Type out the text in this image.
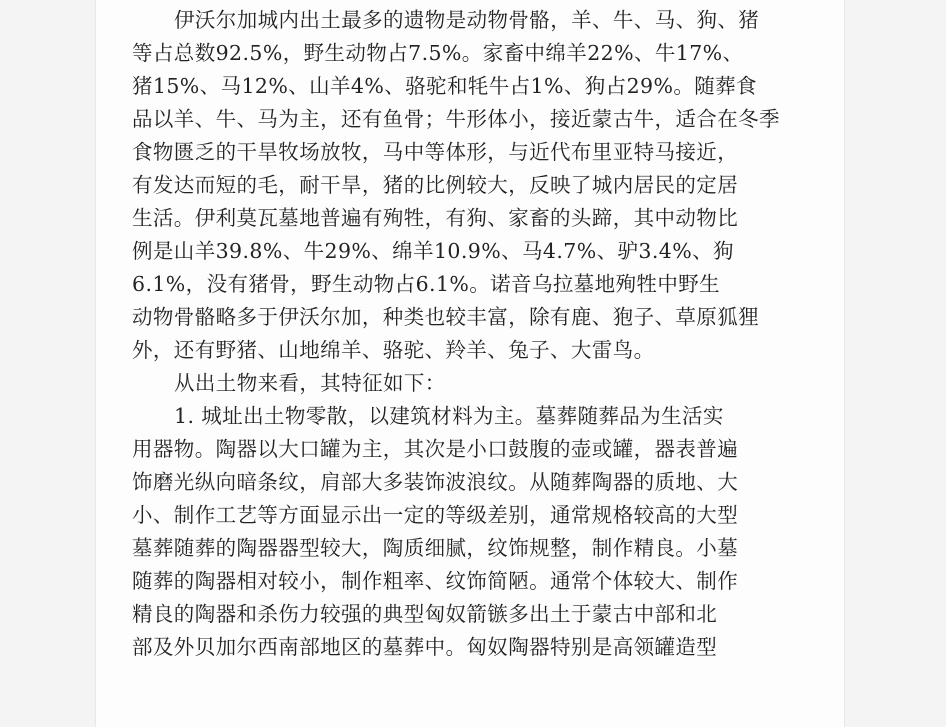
伊沃尔加城内出土最多的遗物是动物骨骼，羊、牛、马、狗、猪
等占总数92.5%，野生动物占7.5%。家畜中绵羊22%、牛17%、
猪15%、马12%、山羊4%、骆驼和牦牛占1%、狗占29%。随葬食
品以羊、牛、马为主，还有鱼骨；牛形体小，接近蒙古牛，适合在冬季
食物匮乏的干旱牧场放牧，马中等体形，与近代布里亚特马接近，
有发达而短的毛，耐干旱，猪的比例较大，反映了城内居民的定居
生活。伊利莫瓦墓地普遍有殉牲，有狗、家畜的头蹄，其中动物比
例是山羊39.8%、牛29%、绵羊10.9%、马4.7%、驴3.4%、狗
6.1%，没有猪骨，野生动物占6.1%。诺音乌拉墓地殉牲中野生
动物骨骼略多于伊沃尔加，种类也较丰富，除有鹿、狍子、草原狐狸
外，还有野猪、山地绵羊、骆驼、羚羊、兔子、大雷鸟。
从出土物来看，其特征如下：
1. 城址出土物零散，以建筑材料为主。墓葬随葬品为生活实
用器物。陶器以大口罐为主，其次是小口鼓腹的壶或罐，器表普遍
饰磨光纵向暗条纹，肩部大多装饰波浪纹。从随葬陶器的质地、大
小、制作工艺等方面显示出一定的等级差别，通常规格较高的大型
墓葬随葬的陶器器型较大，陶质细腻，纹饰规整，制作精良。小墓
随葬的陶器相对较小，制作粗率、纹饰简陋。通常个体较大、制作
精良的陶器和杀伤力较强的典型匈奴箭镞多出土于蒙古中部和北
部及外贝加尔西南部地区的墓葬中。匈奴陶器特别是高领罐造型
